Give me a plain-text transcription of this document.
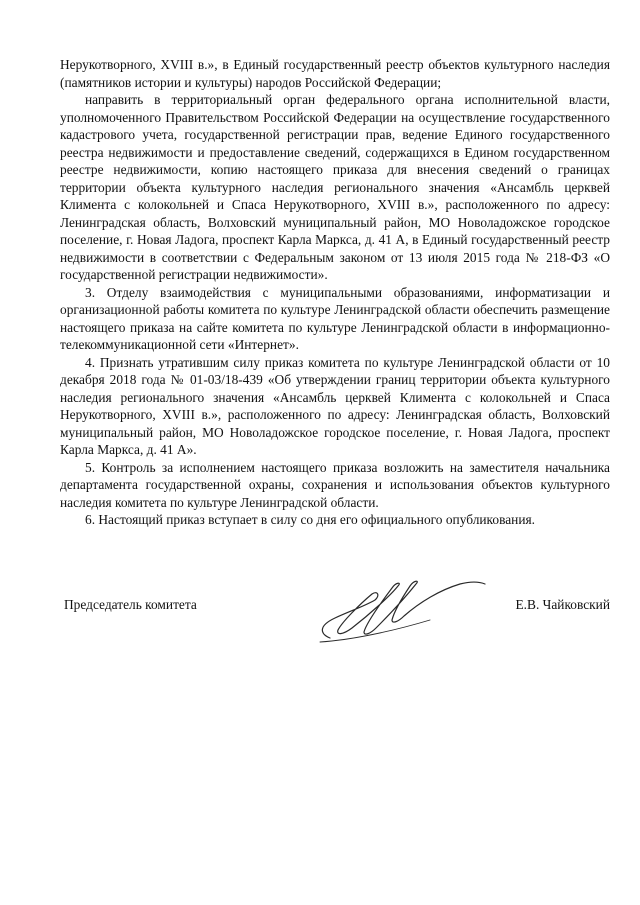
Нерукотворного, XVIII в.», в Единый государственный реестр объектов культурного наследия (памятников истории и культуры) народов Российской Федерации;

направить в территориальный орган федерального органа исполнительной власти, уполномоченного Правительством Российской Федерации на осуществление государственного кадастрового учета, государственной регистрации прав, ведение Единого государственного реестра недвижимости и предоставление сведений, содержащихся в Едином государственном реестре недвижимости, копию настоящего приказа для внесения сведений о границах территории объекта культурного наследия регионального значения «Ансамбль церквей Климента с колокольней и Спаса Нерукотворного, XVIII в.», расположенного по адресу: Ленинградская область, Волховский муниципальный район, МО Новоладожское городское поселение, г. Новая Ладога, проспект Карла Маркса, д. 41 А, в Единый государственный реестр недвижимости в соответствии с Федеральным законом от 13 июля 2015 года № 218-ФЗ «О государственной регистрации недвижимости».

3. Отделу взаимодействия с муниципальными образованиями, информатизации и организационной работы комитета по культуре Ленинградской области обеспечить размещение настоящего приказа на сайте комитета по культуре Ленинградской области в информационно-телекоммуникационной сети «Интернет».

4. Признать утратившим силу приказ комитета по культуре Ленинградской области от 10 декабря 2018 года № 01-03/18-439 «Об утверждении границ территории объекта культурного наследия регионального значения «Ансамбль церквей Климента с колокольней и Спаса Нерукотворного, XVIII в.», расположенного по адресу: Ленинградская область, Волховский муниципальный район, МО Новоладожское городское поселение, г. Новая Ладога, проспект Карла Маркса, д. 41 А».

5. Контроль за исполнением настоящего приказа возложить на заместителя начальника департамента государственной охраны, сохранения и использования объектов культурного наследия комитета по культуре Ленинградской области.

6. Настоящий приказ вступает в силу со дня его официального опубликования.

Председатель комитета	Е.В. Чайковский
